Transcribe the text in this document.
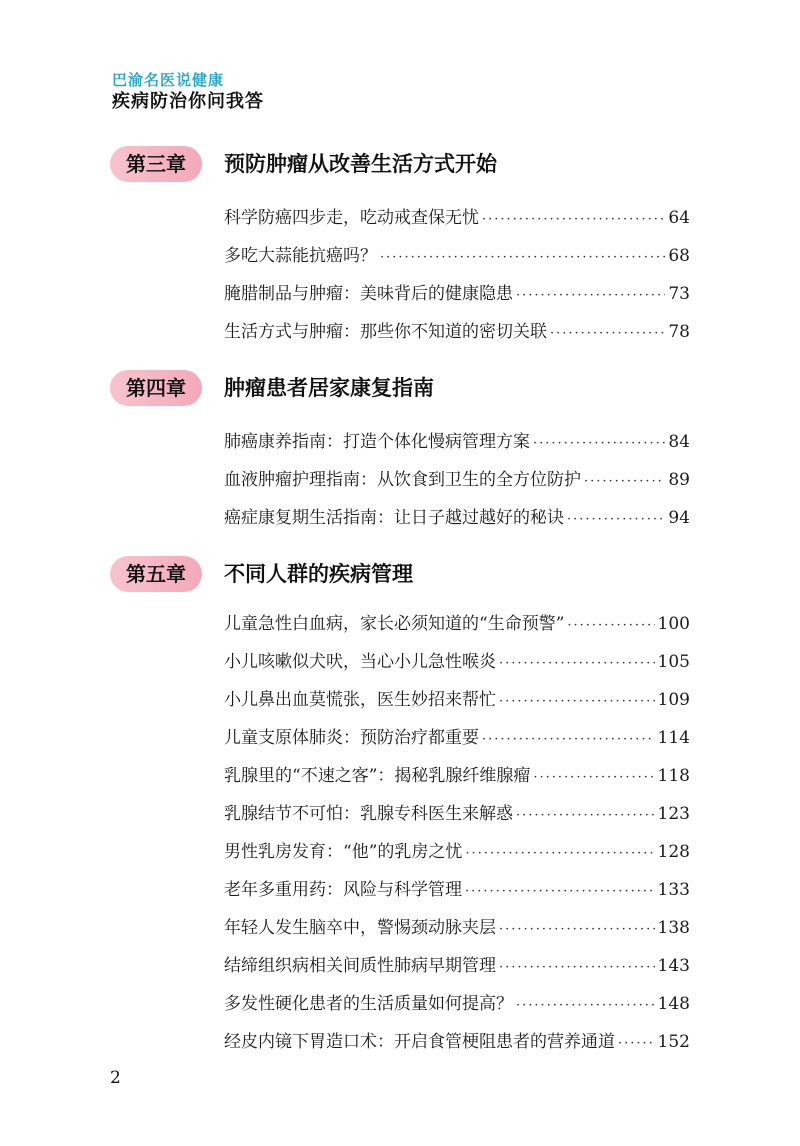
巴渝名医说健康
疾病防治你问我答
第三章	预防肿瘤从改善生活方式开始
科学防癌四步走，吃动戒查保无忧 ·····	64
多吃大蒜能抗癌吗？ ·····	68
腌腊制品与肿瘤：美味背后的健康隐患 ·····	73
生活方式与肿瘤：那些你不知道的密切关联 ·····	78
第四章	肿瘤患者居家康复指南
肺癌康养指南：打造个体化慢病管理方案 ·····	84
血液肿瘤护理指南：从饮食到卫生的全方位防护 ·····	89
癌症康复期生活指南：让日子越过越好的秘诀 ·····	94
第五章	不同人群的疾病管理
儿童急性白血病，家长必须知道的“生命预警” ·····	100
小儿咳嗽似犬吠，当心小儿急性喉炎 ·····	105
小儿鼻出血莫慌张，医生妙招来帮忙 ·····	109
儿童支原体肺炎：预防治疗都重要 ·····	114
乳腺里的“不速之客”：揭秘乳腺纤维腺瘤 ·····	118
乳腺结节不可怕：乳腺专科医生来解惑 ·····	123
男性乳房发育：“他”的乳房之忧 ·····	128
老年多重用药：风险与科学管理 ·····	133
年轻人发生脑卒中，警惕颈动脉夹层 ·····	138
结缔组织病相关间质性肺病早期管理 ·····	143
多发性硬化患者的生活质量如何提高？ ·····	148
经皮内镜下胃造口术：开启食管梗阻患者的营养通道 ·····	152
2
